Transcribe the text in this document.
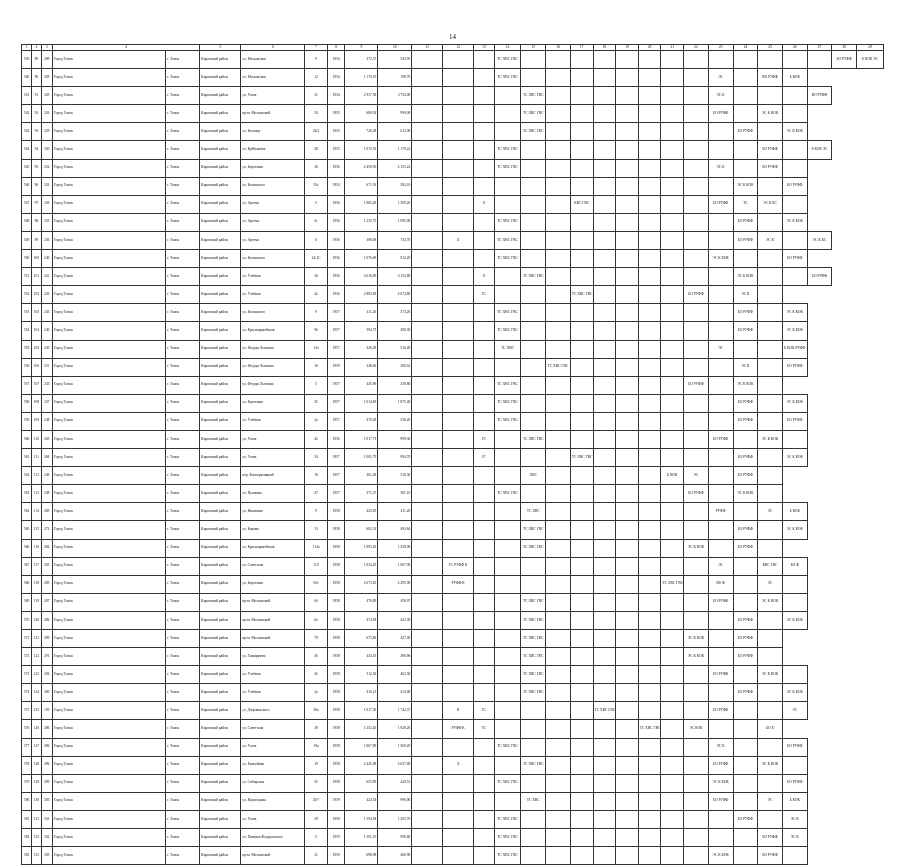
14
1	2	3	4		5	6	7	8	9	10	11	12	13	14	15	16	17	18	19	20	21	22	23	24	25	26	27	28	29
539	89	289	Город Томск	г. Томск	Кировский район	ул. Московская	9	1954	372,37	543,95				ТС ХВС ГВС														БО РУФФ	Б КОК ЭС
540	90	329	Город Томск	г. Томск	Кировский район	ул. Московская	12	1954	1 170,19	198,70				ТС ХВС ГВС									ЭС		ВО РУФФ	Б КОК			
541	91	329	Город Томск	г. Томск	Кировский район	ул. Усова	31	1954	2 937,58	3 754,00					ТС ХВС ГВС								ЭС К				ВО РУФФ		
542	92	226	Город Томск	г. Томск	Кировский район	пр-кт Московский	54	1955	689,92	999,00					ТС ХВС ГВС								БО РУФФ		ЭС К КОК				
543	93	229	Город Томск	г. Томск	Кировский район	ул. Беленца	24/2	1955	726,38	612,00					ТС ХВС ГВС									БО РУФФ		ЭС К КОК			
544	94	330	Город Томск	г. Томск	Кировский район	ул. Куйбышева	28	1955	1 015,53	1 170,22				ТС ХВС ГВС											БО РУФФ		Б КОК ЭС		
545	95	232	Город Томск	г. Томск	Кировский район	ул. Березовая	36	1956	2 458,56	2 153,22				ТС ХВС ГВС									ЭС К		БО РУФФ				
546	96	333	Город Томск	г. Томск	Кировский район	ул. Белинского	52г	1954	671,91	583,10														ЭС К КОК		БО РУФФ			
547	97	236	Город Томск	г. Томск	Кировский район	ул. Артема	5	1956	1 965,28	1 569,20			Х				КВС ГВС						БО РУФФ	ТС	ЭС К КС				
548	98	335	Город Томск	г. Томск	Кировский район	ул. Артема	5г	1956	1 235,73	1 095,00				ТС ХВС ГВС										БО РУФФ		ЭС К КОК			
549	99	236	Город Томск	г. Томск	Кировский район	ул. Артема	6	1956	388,68	743,70		Х		ТС ХВС ГВС										БО РУФФ	ЭС К		ЭС К КС		
550	100	240	Город Томск	г. Томск	Кировский район	ул. Белинского	24/1С	1956	1 076,69	912,20				ТС ХВС ГВС									ЭС К КОК			БО РУФФ			
551	101	241	Город Томск	г. Томск	Кировский район	ул. Учебная	26	1956	4 616,69	4 133,80			Х		ТС ХВС ГВС									ЭС К КОК			БО РУФФ		
552	102	243	Город Томск	г. Томск	Кировский район	ул. Учебная	42	1956	2 883,69	2 674,80			ГС				ТС ХВС ГВС					БО РУФФ		ЭС К					
553	103	245	Город Томск	г. Томск	Кировский район	ул. Белинского	9	1957	411,26	373,20				ТС ХВС ГВС										БО РУФФ		ЭС К КОК			
554	104	240	Город Томск	г. Томск	Кировский район	ул. Красноармейская	96	1957	594,75	290,39				ТС ХВС ГВС										БО РУФФ		ЭС К КОК			
555	105	230	Город Томск	г. Томск	Кировский район	ул. Федора Лыткина	13а	1957	326,28	516,49				ТС ХВС									ЭС			Б КОК РУФФ			
556	106	231	Город Томск	г. Томск	Кировский район	ул. Федора Лыткина	16	1959	248,66	290,62						ТС ХВС ГВС								ЭС К		БО РУФФ			
557	107	235	Город Томск	г. Томск	Кировский район	ул. Федора Лыткина	3	1957	445,96	330,80				ТС ХВС ГВС								БО РУФФ		ЭС К КОК					
558	108	237	Город Томск	г. Томск	Кировский район	ул. Березовая	25	1957	1 014,69	1 875,40				ТС ХВС ГВС										БО РУФФ		ЭС К КОК			
559	109	248	Город Томск	г. Томск	Кировский район	ул. Учебная	2а	1957	470,48	536,20				ТС ХВС ГВС										БО РУФФ		БО РУФФ			
560	110	265	Город Томск	г. Томск	Кировский район	ул. Усова	42	1956	1 017,73	999,30			ГС		ТС ХВС ГВС								БО РУФФ		ЭС К КОК				
561	111	268	Город Томск	г. Томск	Кировский район	ул. Усова	34	1957	1 081,79	994,70			ГС				ТС ХВС ГВС							БО РУФФ		ЭС К КОК			
562	112	246	Город Томск	г. Томск	Кировский район	пер. Кооперативный	16	1957	361,28	516,30					ХВС						Б КОК	ЭС		БО РУФФ					
563	113	248	Город Томск	г. Томск	Кировский район	ул. Пушкина	47	1957	371,27	301,10				ТС ХВС ГВС								БО РУФФ		ЭС К КОК					
564	114	269	Город Томск	г. Томск	Кировский район	ул. Никитина	9	1958	425,65	411,20					ТС ХВС								РУФФ		ЭС	Б КОК			
565	115	272	Город Томск	г. Томск	Кировский район	ул. Кирова	13	1958	602,33	494,64					ТС ХВС ГВС									БО РУФФ		ЭС К КОК			
566	116	282	Город Томск	г. Томск	Кировский район	ул. Красноармейская	114а	1958	1 993,26	1 438,90					ТС ХВС ГВС							ЭС К КОК		БО РУФФ					
567	117	205	Город Томск	г. Томск	Кировский район	ул. Советская	110	1958	1 834,45	1 067,90		ТС РУФФ К											ЭС		КВС ГВС	БО Ф			
568	118	283	Город Томск	г. Томск	Кировский район	ул. Березовая	65г	1958	2 673,65	2 295,90		РУФФ К									ТС ХВС ГВС		ВО Ф		ЭС				
569	119	287	Город Томск	г. Томск	Кировский район	пр-кт Московский	6б	1958	476,89	458,97					ТС ХВС ГВС								БО РУФФ		ЭС К КОК				
570	120	286	Город Томск	г. Томск	Кировский район	пр-кт Московский	6е	1958	474,58	423,39					ТС ХВС ГВС									БО РУФФ		ЭС К КОК			
571	121	299	Город Томск	г. Томск	Кировский район	пр-кт Московский	70	1958	673,69	427,40					ТС ХВС ГВС							ЭС К КОК		БО РУФФ					
572	122	291	Город Томск	г. Томск	Кировский район	ул. Тимирязева	36	1958	443,33	496,96					ТС ХВС ГВС							ЭС К КОК		БО РУФФ					
573	123	294	Город Томск	г. Томск	Кировский район	ул. Учебная	2б	1958	512,36	463,50					ТС ХВС ГВС								БО РУФФ		ЭС К КОК				
574	124	300	Город Томск	г. Томск	Кировский район	ул. Учебная	2а	1958	416,13	413,00					ТС ХВС ГВС									БО РУФФ		ЭС К КОК			
575	125	195	Город Томск	г. Томск	Кировский район	ул. Дзержинского	38а	1958	1 917,30	1 742,37		К	ГС					ТС ХВС ГВС					БО РУФФ			ЭС			
576	126	286	Город Томск	г. Томск	Кировский район	ул. Советская	38	1958	1 252,26	1 920,20		РУФФ К	ГС							ТС ХВС ГВС		ЭС КОК			БО Е				
577	127	296	Город Томск	г. Томск	Кировский район	ул. Усова	19а	1958	1 867,89	1 569,20				ТС ХВС ГВС									ЭС К			БО РУФФ			
578	128	296	Город Томск	г. Томск	Кировский район	ул. Енисейная	19	1958	2 445,08	2 637,80		Х			ТС ХВС ГВС								БО РУФФ		ЭС К КОК				
579	129	299	Город Томск	г. Томск	Кировский район	ул. Сибирская	35	1958	653,99	420,51				ТС ХВС ГВС									ЭС К КОК			БО РУФФ			
580	130	305	Город Томск	г. Томск	Кировский район	ул. Водопадная	20/7	1959	424,54	996,00					ТС ХВС								БО РУФФ		ЭС	Б КОК			
581	131	341	Город Томск	г. Томск	Кировский район	ул. Усова	29	1958	1 594,94	1 203,70				ТС ХВС ГВС										БО РУФФ		ЭС К			
582	132	342	Город Томск	г. Томск	Кировский район	ул. Павлика Федоровского	5	1959	1 301,19	996,60				ТС ХВС ГВС											БО РУФФ	ЭС К			
583	133	305	Город Томск	г. Томск	Кировский район	пр-кт Московский	21	1959	698,98	460,90				ТС ХВС ГВС									ЭС К КОК		БО РУФФ				
